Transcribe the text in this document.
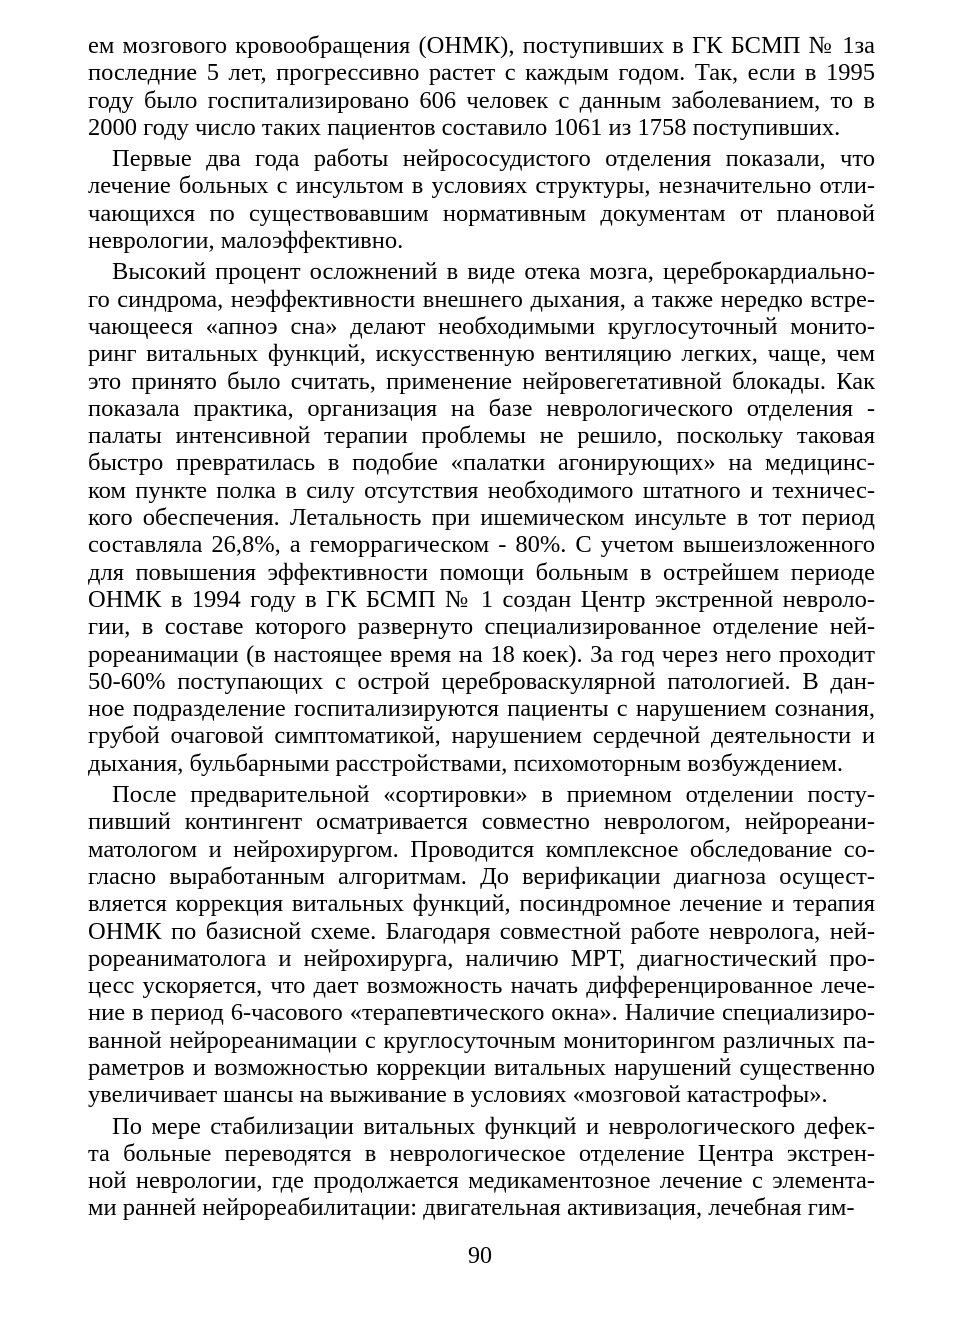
ем мозгового кровообращения (ОНМК), поступивших в ГК БСМП № 1за
последние 5 лет, прогрессивно растет с каждым годом. Так, если в 1995
году было госпитализировано 606 человек с данным заболеванием, то в
2000 году число таких пациентов составило 1061 из 1758 поступивших.
Первые два года работы нейрососудистого отделения показали, что
лечение больных с инсультом в условиях структуры, незначительно отли-
чающихся по существовавшим нормативным документам от плановой
неврологии, малоэффективно.
Высокий процент осложнений в виде отека мозга, цереброкардиально-
го синдрома, неэффективности внешнего дыхания, а также нередко встре-
чающееся «апноэ сна» делают необходимыми круглосуточный монито-
ринг витальных функций, искусственную вентиляцию легких, чаще, чем
это принято было считать, применение нейровегетативной блокады. Как
показала практика, организация на базе неврологического отделения -
палаты интенсивной терапии проблемы не решило, поскольку таковая
быстро превратилась в подобие «палатки агонирующих» на медицинс-
ком пункте полка в силу отсутствия необходимого штатного и техничес-
кого обеспечения. Летальность при ишемическом инсульте в тот период
составляла 26,8%, а геморрагическом - 80%. С учетом вышеизложенного
для повышения эффективности помощи больным в острейшем периоде
ОНМК в 1994 году в ГК БСМП № 1 создан Центр экстренной невроло-
гии, в составе которого развернуто специализированное отделение ней-
рореанимации (в настоящее время на 18 коек). За год через него проходит
50-60% поступающих с острой цереброваскулярной патологией. В дан-
ное подразделение госпитализируются пациенты с нарушением сознания,
грубой очаговой симптоматикой, нарушением сердечной деятельности и
дыхания, бульбарными расстройствами, психомоторным возбуждением.
После предварительной «сортировки» в приемном отделении посту-
пивший контингент осматривается совместно неврологом, нейрореани-
матологом и нейрохирургом. Проводится комплексное обследование со-
гласно выработанным алгоритмам. До верификации диагноза осущест-
вляется коррекция витальных функций, посиндромное лечение и терапия
ОНМК по базисной схеме. Благодаря совместной работе невролога, ней-
рореаниматолога и нейрохирурга, наличию МРТ, диагностический про-
цесс ускоряется, что дает возможность начать дифференцированное лече-
ние в период 6-часового «терапевтического окна». Наличие специализиро-
ванной нейрореанимации с круглосуточным мониторингом различных па-
раметров и возможностью коррекции витальных нарушений существенно
увеличивает шансы на выживание в условиях «мозговой катастрофы».
По мере стабилизации витальных функций и неврологического дефек-
та больные переводятся в неврологическое отделение Центра экстрен-
ной неврологии, где продолжается медикаментозное лечение с элемента-
ми ранней нейрореабилитации: двигательная активизация, лечебная гим-
90
